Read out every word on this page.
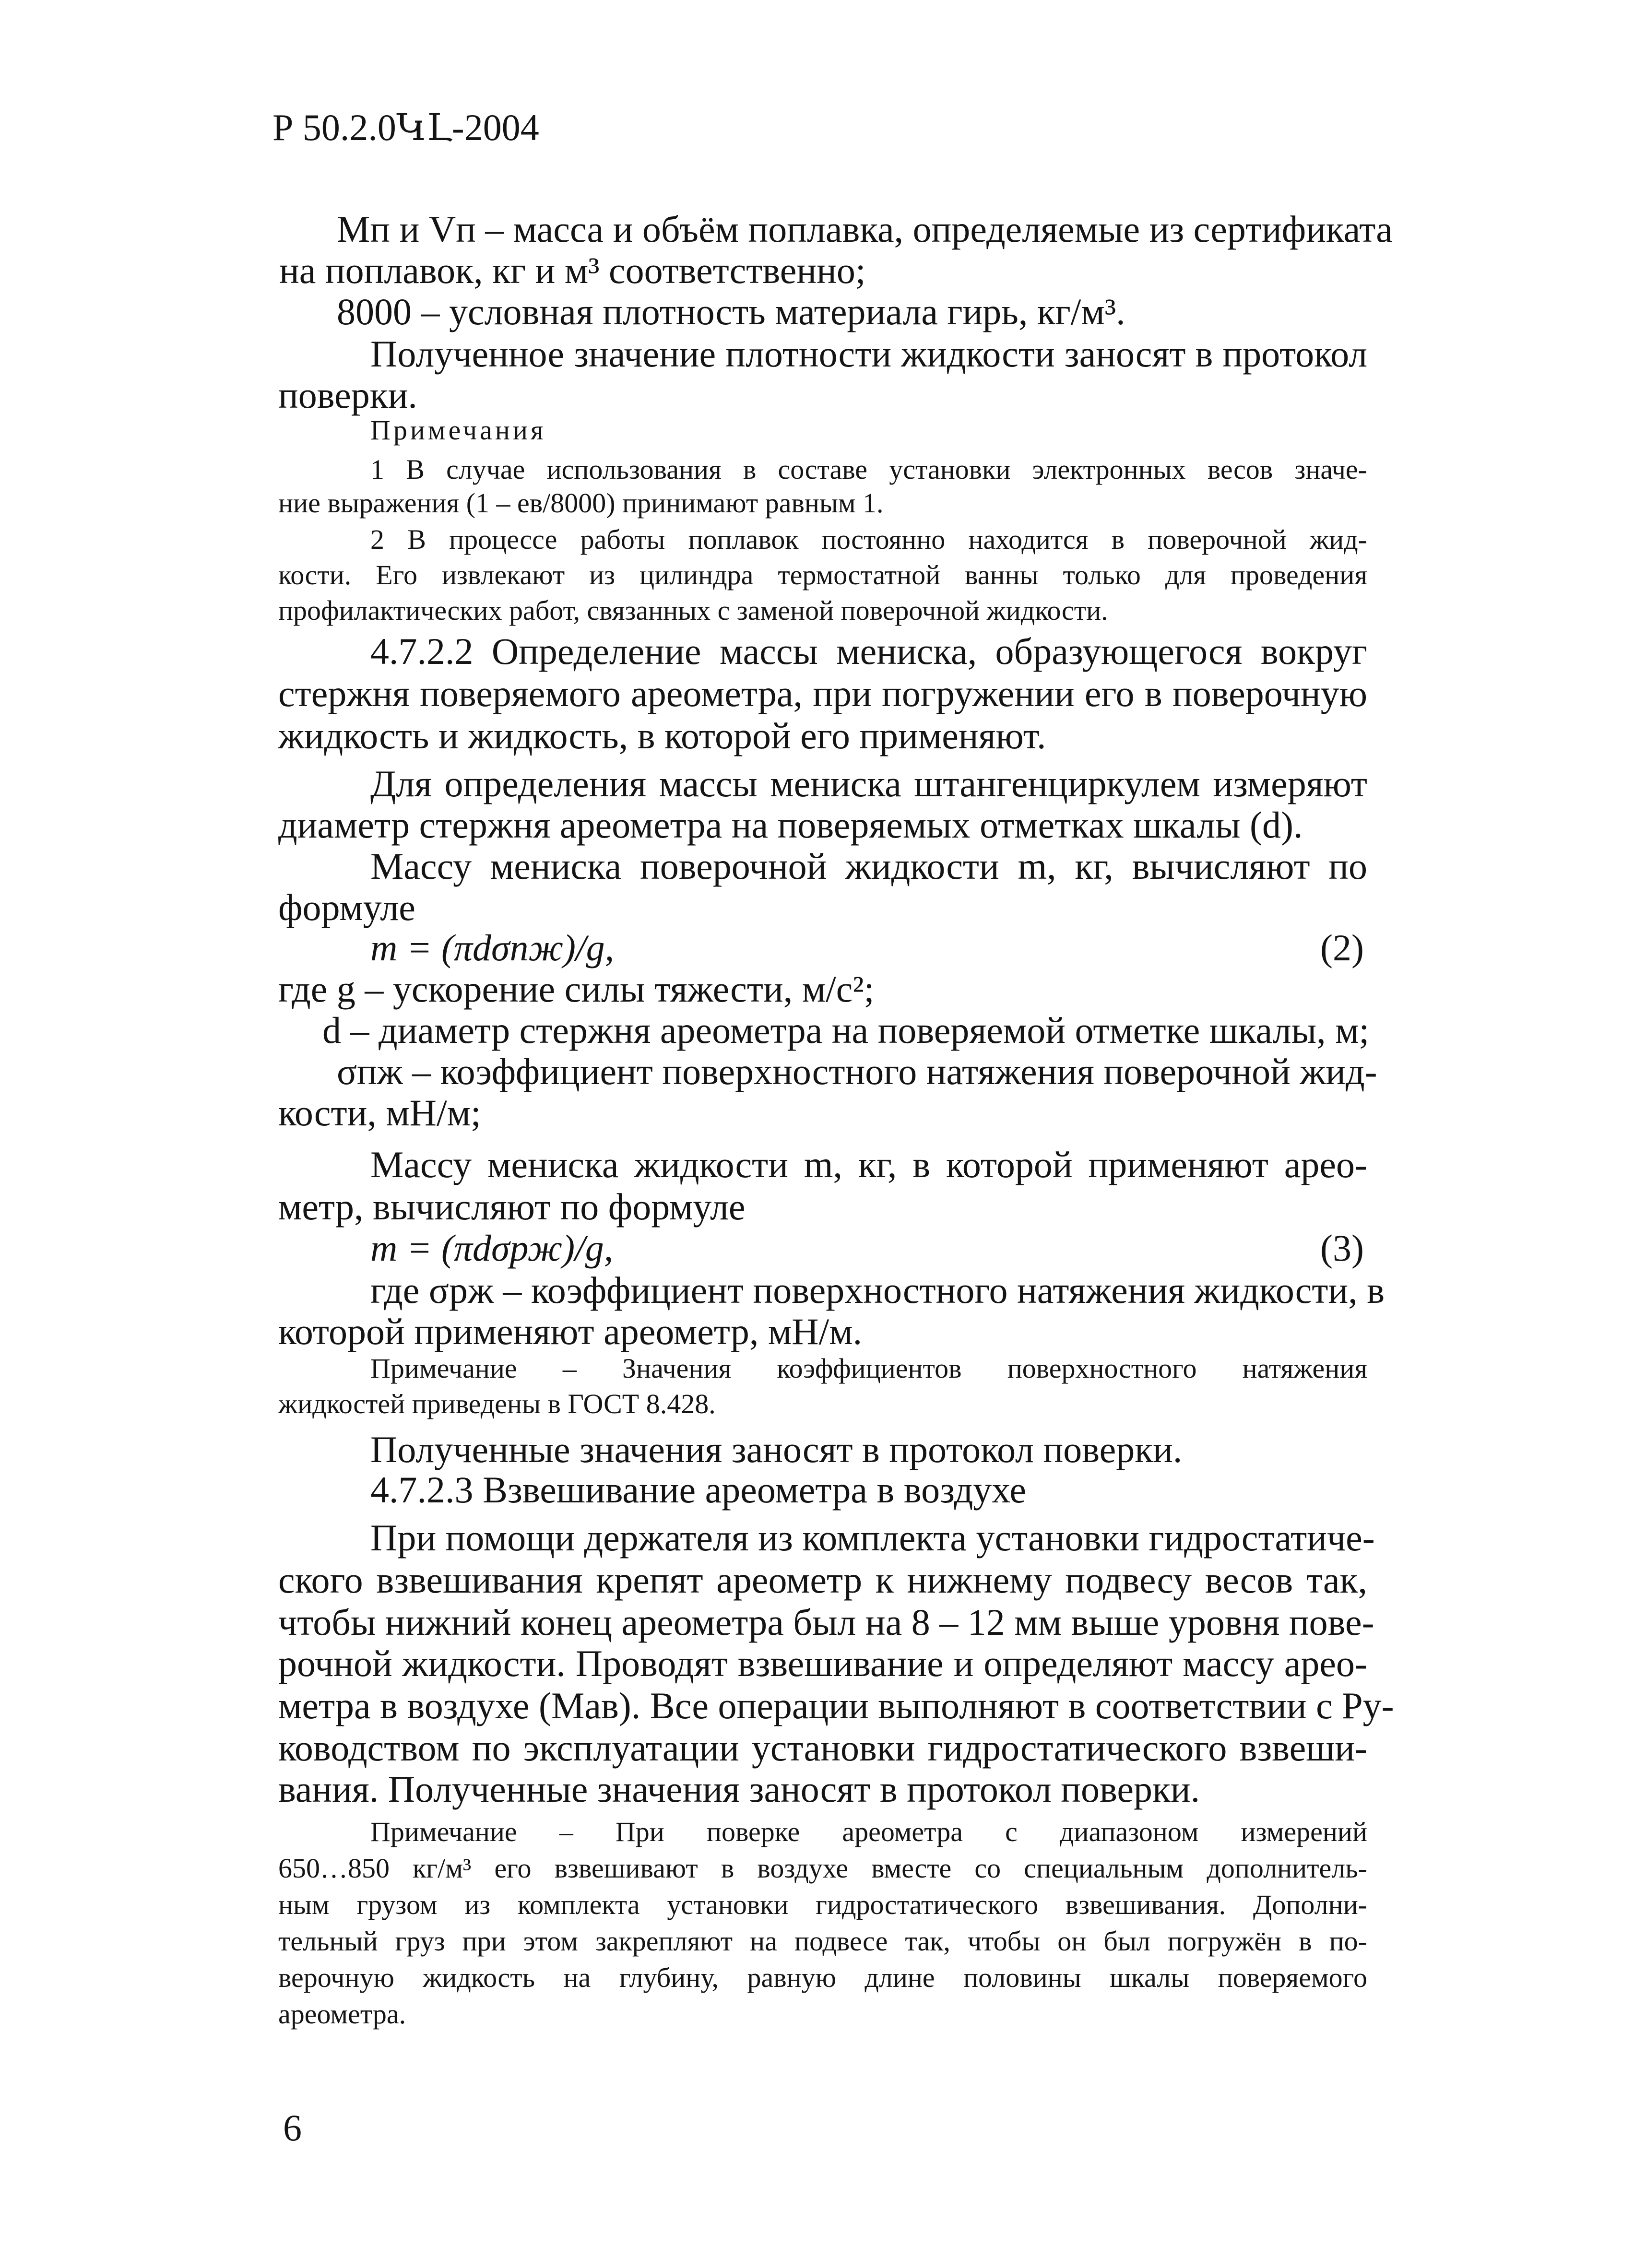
Р 50.2.0ԿԼ-2004
Mп и Vп – масса и объём поплавка, определяемые из сертификата
на поплавок, кг и м³ соответственно;
8000 – условная плотность материала гирь, кг/м³.
Полученное значение плотности жидкости заносят в протокол
поверки.
Примечания
1 В случае использования в составе установки электронных весов значе-
ние выражения (1 – eв/8000) принимают равным 1.
2 В процессе работы поплавок постоянно находится в поверочной жид-
кости. Его извлекают из цилиндра термостатной ванны только для проведения
профилактических работ, связанных с заменой поверочной жидкости.
4.7.2.2 Определение массы мениска, образующегося вокруг
стержня поверяемого ареометра, при погружении его в поверочную
жидкость и жидкость, в которой его применяют.
Для определения массы мениска штангенциркулем измеряют
диаметр стержня ареометра на поверяемых отметках шкалы (d).
Массу мениска поверочной жидкости m, кг, вычисляют по
формуле
m = (πdσпж)/g,	(2)
где g – ускорение силы тяжести, м/с²;
d – диаметр стержня ареометра на поверяемой отметке шкалы, м;
σпж – коэффициент поверхностного натяжения поверочной жид-
кости, мН/м;
Массу мениска жидкости m, кг, в которой применяют арео-
метр, вычисляют по формуле
m = (πdσрж)/g,	(3)
где σрж – коэффициент поверхностного натяжения жидкости, в
которой применяют ареометр, мН/м.
Примечание – Значения коэффициентов поверхностного натяжения
жидкостей приведены в ГОСТ 8.428.
Полученные значения заносят в протокол поверки.
4.7.2.3 Взвешивание ареометра в воздухе
При помощи держателя из комплекта установки гидростатиче-
ского взвешивания крепят ареометр к нижнему подвесу весов так,
чтобы нижний конец ареометра был на 8 – 12 мм выше уровня пове-
рочной жидкости. Проводят взвешивание и определяют массу арео-
метра в воздухе (Mав). Все операции выполняют в соответствии с Ру-
ководством по эксплуатации установки гидростатического взвеши-
вания. Полученные значения заносят в протокол поверки.
Примечание – При поверке ареометра с диапазоном измерений
650…850 кг/м³ его взвешивают в воздухе вместе со специальным дополнитель-
ным грузом из комплекта установки гидростатического взвешивания. Дополни-
тельный груз при этом закрепляют на подвесе так, чтобы он был погружён в по-
верочную жидкость на глубину, равную длине половины шкалы поверяемого
ареометра.
6
